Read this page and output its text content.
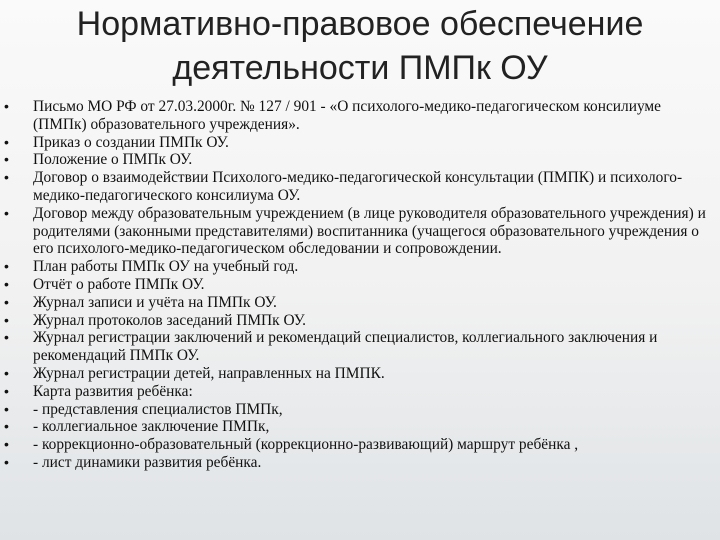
Нормативно-правовое обеспечение
деятельности ПМПк ОУ
• Письмо МО РФ от 27.03.2000г. № 127 / 901 - «О психолого-медико-педагогическом консилиуме (ПМПк) образовательного учреждения».
• Приказ о создании ПМПк ОУ.
• Положение о ПМПк ОУ.
• Договор о взаимодействии Психолого-медико-педагогической консультации (ПМПК) и психолого-медико-педагогического консилиума ОУ.
• Договор между образовательным учреждением (в лице руководителя образовательного учреждения) и родителями (законными представителями) воспитанника (учащегося образовательного учреждения о его психолого-медико-педагогическом обследовании и сопровождении.
• План работы ПМПк ОУ на учебный год.
• Отчёт о работе ПМПк ОУ.
• Журнал записи и учёта на ПМПк ОУ.
• Журнал протоколов заседаний ПМПк ОУ.
• Журнал регистрации заключений и рекомендаций специалистов, коллегиального заключения и рекомендаций ПМПк ОУ.
• Журнал регистрации детей, направленных на ПМПК.
• Карта развития ребёнка:
• - представления специалистов ПМПк,
• - коллегиальное заключение ПМПк,
• - коррекционно-образовательный (коррекционно-развивающий) маршрут ребёнка ,
• - лист динамики развития ребёнка.
